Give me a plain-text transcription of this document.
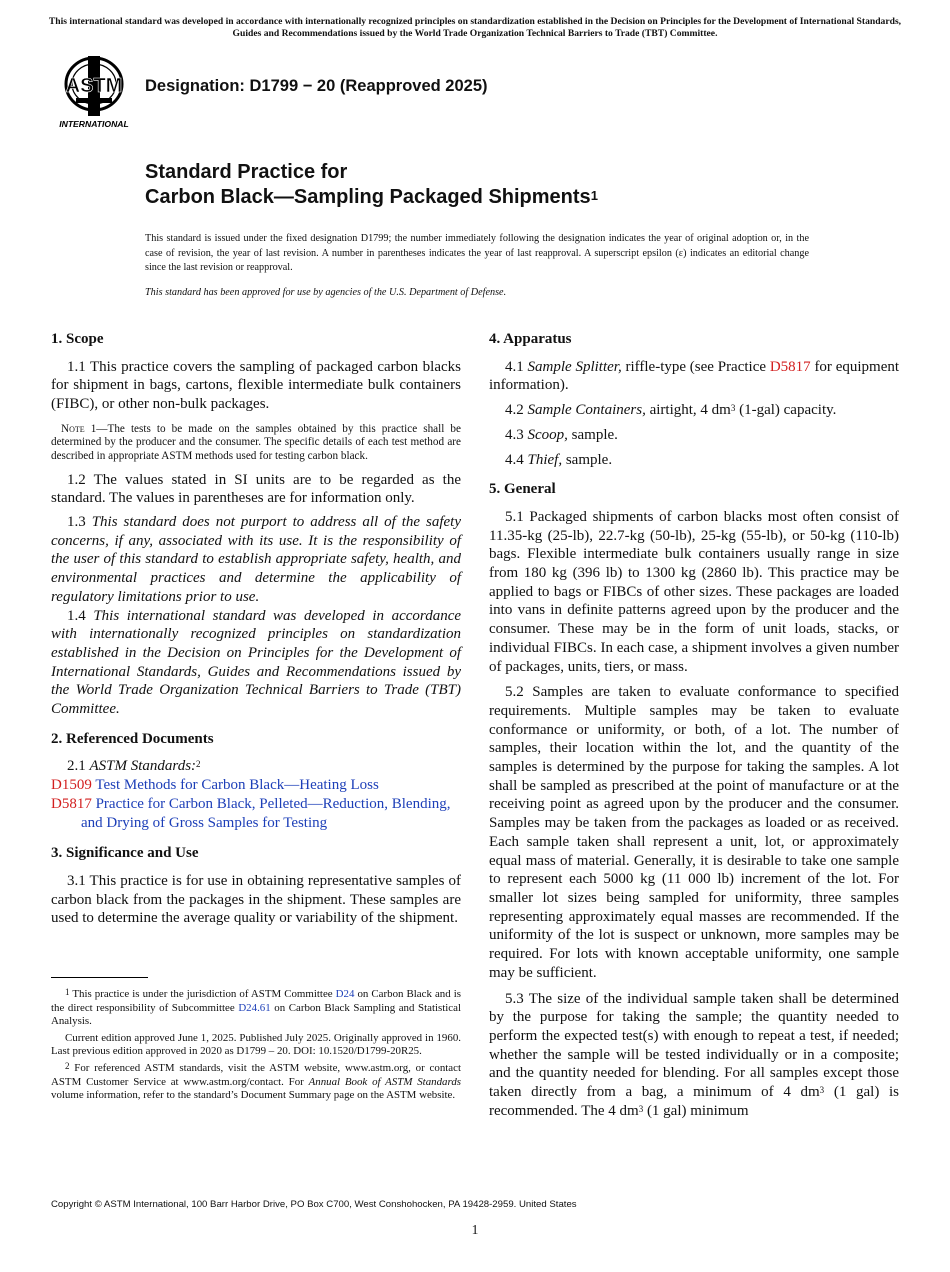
This international standard was developed in accordance with internationally recognized principles on standardization established in the Decision on Principles for the Development of International Standards, Guides and Recommendations issued by the World Trade Organization Technical Barriers to Trade (TBT) Committee.
ASTM
INTERNATIONAL
Designation: D1799 − 20 (Reapproved 2025)
Standard Practice for
Carbon Black—Sampling Packaged Shipments$^1$
This standard is issued under the fixed designation D1799; the number immediately following the designation indicates the year of original adoption or, in the case of revision, the year of last revision. A number in parentheses indicates the year of last reapproval. A superscript epsilon (ε) indicates an editorial change since the last revision or reapproval.
This standard has been approved for use by agencies of the U.S. Department of Defense.

1. Scope

1.1 This practice covers the sampling of packaged carbon blacks for shipment in bags, cartons, flexible intermediate bulk containers (FIBC), or other non-bulk packages.

Note 1—The tests to be made on the samples obtained by this practice shall be determined by the producer and the consumer. The specific details of each test method are described in appropriate ASTM methods used for testing carbon black.

1.2 The values stated in SI units are to be regarded as the standard. The values in parentheses are for information only.

1.3 This standard does not purport to address all of the safety concerns, if any, associated with its use. It is the responsibility of the user of this standard to establish appropriate safety, health, and environmental practices and determine the applicability of regulatory limitations prior to use.

1.4 This international standard was developed in accordance with internationally recognized principles on standardization established in the Decision on Principles for the Development of International Standards, Guides and Recommendations issued by the World Trade Organization Technical Barriers to Trade (TBT) Committee.

2. Referenced Documents

2.1 ASTM Standards:$^2$

D1509 Test Methods for Carbon Black—Heating Loss

D5817 Practice for Carbon Black, Pelleted—Reduction, Blending, and Drying of Gross Samples for Testing

3. Significance and Use

3.1 This practice is for use in obtaining representative samples of carbon black from the packages in the shipment. These samples are used to determine the average quality or variability of the shipment.

$^1$ This practice is under the jurisdiction of ASTM Committee D24 on Carbon Black and is the direct responsibility of Subcommittee D24.61 on Carbon Black Sampling and Statistical Analysis.

Current edition approved June 1, 2025. Published July 2025. Originally approved in 1960. Last previous edition approved in 2020 as D1799 – 20. DOI: 10.1520/D1799-20R25.

$^2$ For referenced ASTM standards, visit the ASTM website, www.astm.org, or contact ASTM Customer Service at www.astm.org/contact. For Annual Book of ASTM Standards volume information, refer to the standard’s Document Summary page on the ASTM website.

4. Apparatus

4.1 Sample Splitter, riffle-type (see Practice D5817 for equipment information).

4.2 Sample Containers, airtight, 4 $dm^3$ (1-gal) capacity.

4.3 Scoop, sample.

4.4 Thief, sample.

5. General

5.1 Packaged shipments of carbon blacks most often consist of 11.35-kg (25-lb), 22.7-kg (50-lb), 25-kg (55-lb), or 50-kg (110-lb) bags. Flexible intermediate bulk containers usually range in size from 180 kg (396 lb) to 1300 kg (2860 lb). This practice may be applied to bags or FIBCs of other sizes. These packages are loaded into vans in definite patterns agreed upon by the producer and the consumer. These may be in the form of unit loads, stacks, or individual FIBCs. In each case, a shipment involves a given number of packages, units, tiers, or mass.

5.2 Samples are taken to evaluate conformance to specified requirements. Multiple samples may be taken to evaluate conformance or uniformity, or both, of a lot. The number of samples, their location within the lot, and the quantity of the samples is determined by the purpose for taking the samples. A lot shall be sampled as prescribed at the point of manufacture or at the receiving point as agreed upon by the producer and the consumer. Samples may be taken from the packages as loaded or as received. Each sample taken shall represent a unit, lot, or approximately equal mass of material. Generally, it is desirable to take one sample to represent each 5000 kg (11 000 lb) increment of the lot. For smaller lot sizes being sampled for uniformity, three samples representing approximately equal masses are recommended. If the uniformity of the lot is suspect or unknown, more samples may be required. For lots with known acceptable uniformity, one sample may be sufficient.

5.3 The size of the individual sample taken shall be determined by the purpose for taking the sample; the quantity needed to perform the expected test(s) with enough to repeat a test, if needed; whether the sample will be tested individually or in a composite; and the quantity needed for blending. For all samples except those taken directly from a bag, a minimum of 4 $dm^3$ (1 gal) is recommended. The 4 $dm^3$ (1 gal) minimum

Copyright © ASTM International, 100 Barr Harbor Drive, PO Box C700, West Conshohocken, PA 19428-2959. United States
1
